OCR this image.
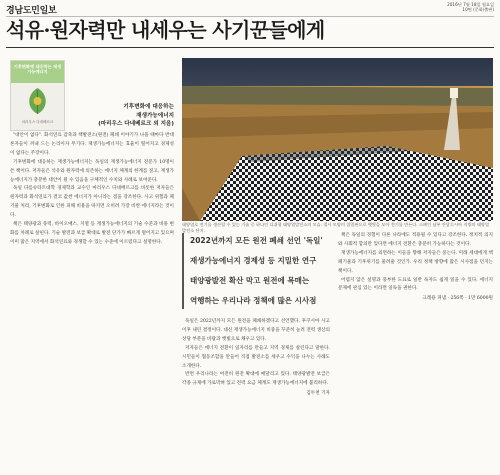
경남도민일보
2016년 7월 18일 월요일
10면 (문화/출판)
석유·원자력만 내세우는 사기꾼들에게
기후변화에 대응하는 재생가능에너지
마리우스 다네베르크
기후변화에 대응하는
재생가능에너지
(마리우스 다네베르크 외 지음)

"대안이 없다". 화석연료 감축과 핵발전소(원전) 폐쇄 이야기가 나올 때마다 반대론자들이 꺼내 드는 논리이자 무기다. 재생가능에너지는 효율이 떨어지고 경제성이 없다는 주장이다.

기후변화에 대응하는 재생가능에너지는 독일의 재생가능에너지 전문가 10명이 쓴 책이다. 저자들은 석유와 원자력에 의존하는 에너지 체계의 한계를 짚고, 재생가능에너지가 충분한 대안이 될 수 있음을 구체적인 수치와 사례로 보여준다.

독일 다름슈타트대학 경제학과 교수인 마리우스 다네베르크를 비롯한 저자들은 원자력과 화석연료가 결코 값싼 에너지가 아니라는 점을 강조한다. 사고 위험과 폐기물 처리, 기후변화로 인한 피해 비용을 따지면 오히려 가장 비싼 에너지라는 것이다.

책은 태양광과 풍력, 바이오매스, 지열 등 재생가능에너지의 기술 수준과 비용 변화를 차례로 살핀다. 기술 발전과 보급 확대로 발전 단가가 빠르게 떨어지고 있으며 이미 많은 지역에서 화석연료와 경쟁할 수 있는 수준에 이르렀다고 설명한다.

태양열로 전기를 생산할 수 있는 기술 중 하나인 디쉬형 태양열발전소의 모습. 접시 모양의 집열판으로 햇빛을 모아 전기를 만든다. 스페인 남부 안달루시아 지방의 태양열발전소 단지.
2022년까지 모든 원전 폐쇄 선언 '독일'
재생가능에너지 경제성 등 지밀한 연구
태양광발전 확산 막고 원전에 목매는
역행하는 우리나라 정책에 많은 시사점

독일은 2022년까지 모든 원전을 폐쇄하겠다고 선언했다. 후쿠시마 사고 이후 내린 결정이다. 대신 재생가능에너지 비중을 꾸준히 늘려 전력 생산의 상당 부분을 바람과 햇빛으로 채우고 있다.

저자들은 에너지 전환이 일자리를 만들고 지역 경제를 살린다고 말한다. 시민들이 협동조합을 만들어 직접 발전소를 세우고 수익을 나누는 사례도 소개한다.

반면 우리나라는 여전히 원전 확대에 매달리고 있다. 태양광발전 보급은 각종 규제에 가로막혀 있고 전력 요금 체계도 재생가능에너지에 불리하다.

김두천 기자

책은 독일의 경험이 다른 나라에도 적용될 수 있다고 강조한다. 정치적 의지와 사회적 합의만 있다면 에너지 전환은 충분히 가능하다는 것이다.

재생가능에너지를 외면하는 이들을 향해 저자들은 묻는다. 미래 세대에게 핵폐기물과 기후위기를 물려줄 것인가. 우리 정책 방향에 많은 시사점을 던지는 책이다.

어렵지 않은 설명과 풍부한 도표로 일반 독자도 쉽게 읽을 수 있다. 에너지 문제에 관심 있는 이라면 일독을 권한다.

크레용 펴냄 · 256쪽 · 1만 6000원
